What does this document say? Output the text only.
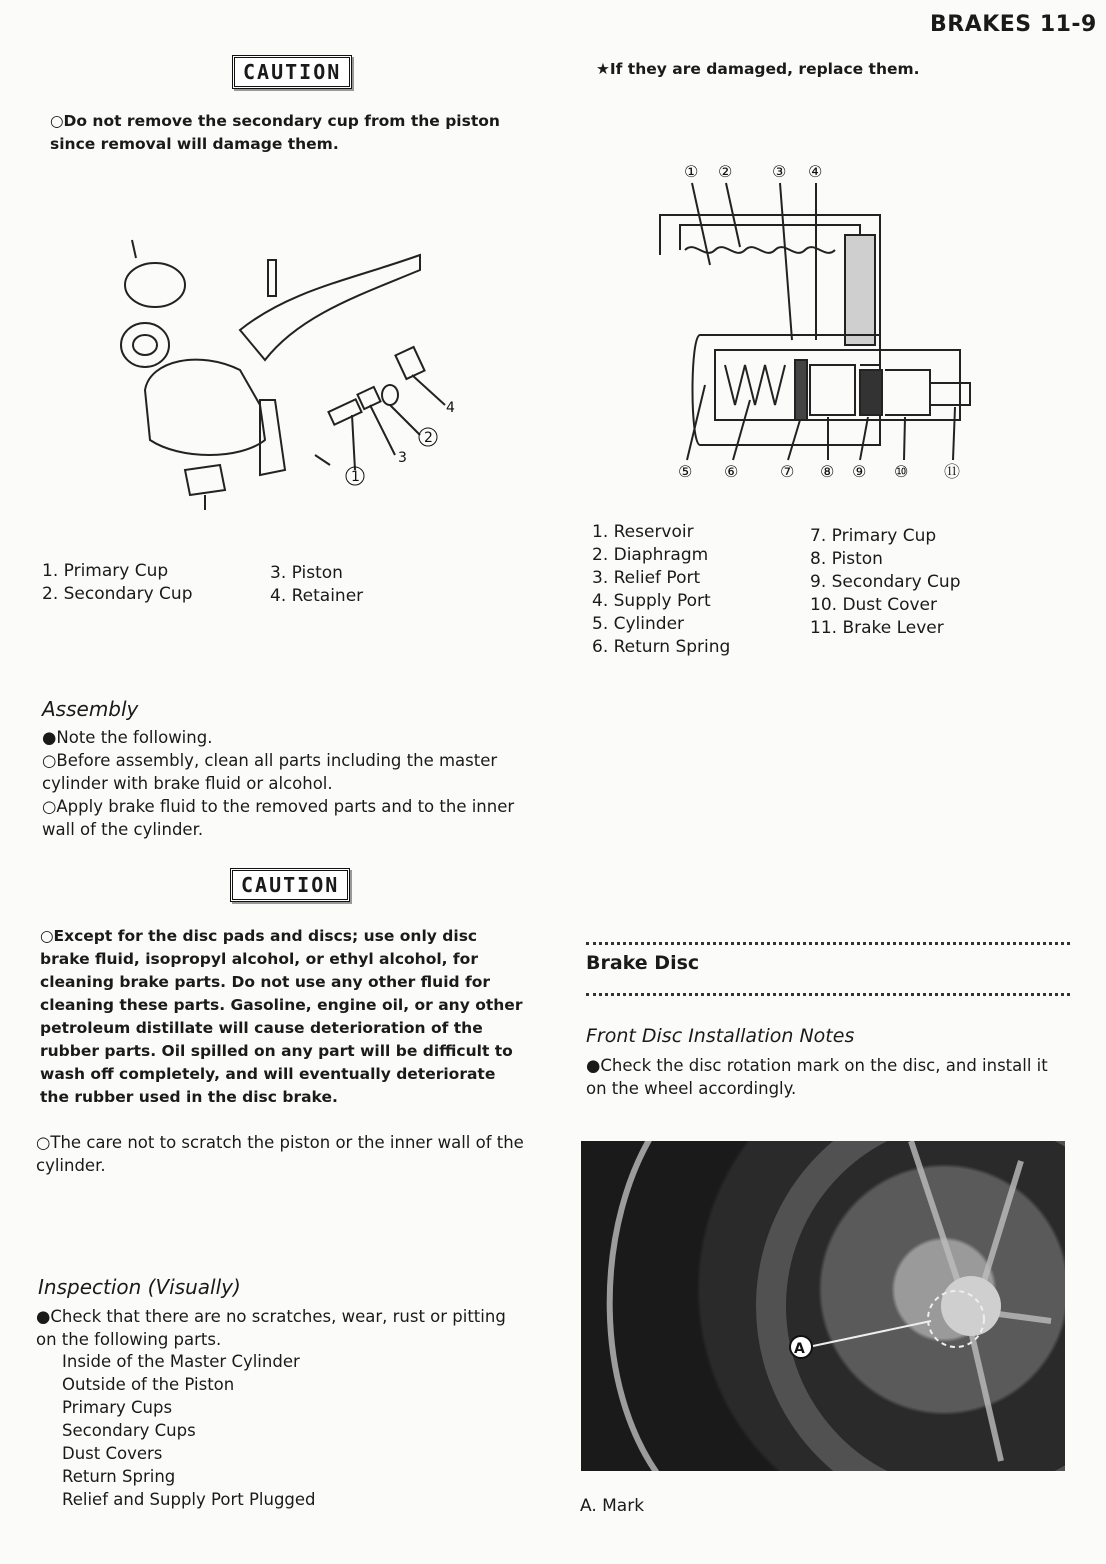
BRAKES 11-9
CAUTION
○Do not remove the secondary cup from the piston since removal will damage them.
1
2
3
4
1. Primary Cup
2. Secondary Cup
3. Piston
4. Retainer
Assembly
●Note the following.
○Before assembly, clean all parts including the master cylinder with brake fluid or alcohol.
○Apply brake fluid to the removed parts and to the inner wall of the cylinder.
CAUTION
○Except for the disc pads and discs; use only disc brake fluid, isopropyl alcohol, or ethyl alcohol, for cleaning brake parts. Do not use any other fluid for cleaning these parts. Gasoline, engine oil, or any other petroleum distillate will cause deterioration of the rubber parts. Oil spilled on any part will be difficult to wash off completely, and will eventually deteriorate the rubber used in the disc brake.
○The care not to scratch the piston or the inner wall of the cylinder.
Inspection (Visually)
●Check that there are no scratches, wear, rust or pitting on the following parts.
Inside of the Master Cylinder
Outside of the Piston
Primary Cups
Secondary Cups
Dust Covers
Return Spring
Relief and Supply Port Plugged
★If they are damaged, replace them.
① ② ③ ④
⑤ ⑥	⑦ ⑧ ⑨ ⑩ ⑪
1. Reservoir
2. Diaphragm
3. Relief Port
4. Supply Port
5. Cylinder
6. Return Spring
7. Primary Cup
8. Piston
9. Secondary Cup
10. Dust Cover
11. Brake Lever
Brake Disc
Front Disc Installation Notes
●Check the disc rotation mark on the disc, and install it on the wheel accordingly.
A
A. Mark
